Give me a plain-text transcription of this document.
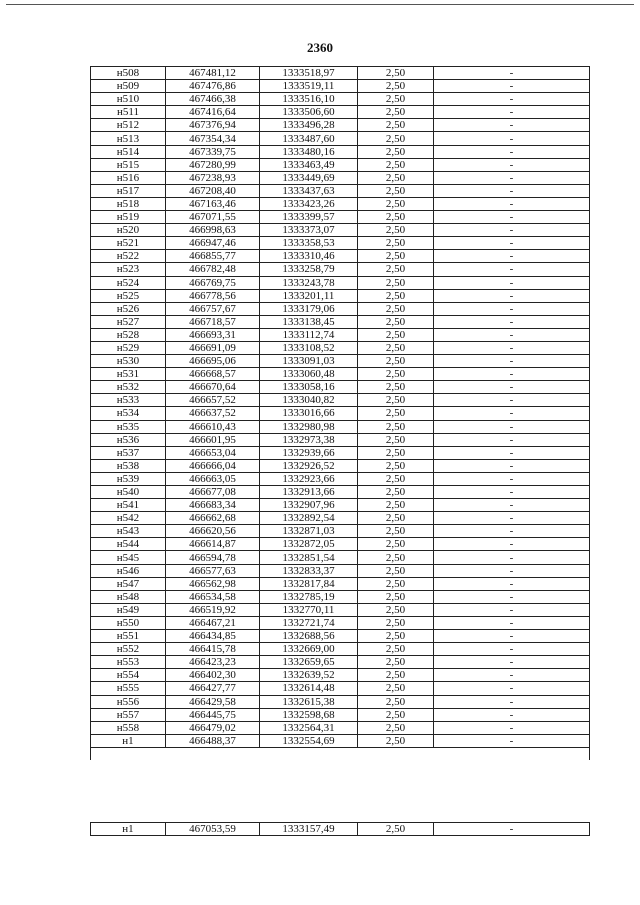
2360
н508	467481,12	1333518,97	2,50	-
н509	467476,86	1333519,11	2,50	-
н510	467466,38	1333516,10	2,50	-
н511	467416,64	1333506,60	2,50	-
н512	467376,94	1333496,28	2,50	-
н513	467354,34	1333487,60	2,50	-
н514	467339,75	1333480,16	2,50	-
н515	467280,99	1333463,49	2,50	-
н516	467238,93	1333449,69	2,50	-
н517	467208,40	1333437,63	2,50	-
н518	467163,46	1333423,26	2,50	-
н519	467071,55	1333399,57	2,50	-
н520	466998,63	1333373,07	2,50	-
н521	466947,46	1333358,53	2,50	-
н522	466855,77	1333310,46	2,50	-
н523	466782,48	1333258,79	2,50	-
н524	466769,75	1333243,78	2,50	-
н525	466778,56	1333201,11	2,50	-
н526	466757,67	1333179,06	2,50	-
н527	466718,57	1333138,45	2,50	-
н528	466693,31	1333112,74	2,50	-
н529	466691,09	1333108,52	2,50	-
н530	466695,06	1333091,03	2,50	-
н531	466668,57	1333060,48	2,50	-
н532	466670,64	1333058,16	2,50	-
н533	466657,52	1333040,82	2,50	-
н534	466637,52	1333016,66	2,50	-
н535	466610,43	1332980,98	2,50	-
н536	466601,95	1332973,38	2,50	-
н537	466653,04	1332939,66	2,50	-
н538	466666,04	1332926,52	2,50	-
н539	466663,05	1332923,66	2,50	-
н540	466677,08	1332913,66	2,50	-
н541	466683,34	1332907,96	2,50	-
н542	466662,68	1332892,54	2,50	-
н543	466620,56	1332871,03	2,50	-
н544	466614,87	1332872,05	2,50	-
н545	466594,78	1332851,54	2,50	-
н546	466577,63	1332833,37	2,50	-
н547	466562,98	1332817,84	2,50	-
н548	466534,58	1332785,19	2,50	-
н549	466519,92	1332770,11	2,50	-
н550	466467,21	1332721,74	2,50	-
н551	466434,85	1332688,56	2,50	-
н552	466415,78	1332669,00	2,50	-
н553	466423,23	1332659,65	2,50	-
н554	466402,30	1332639,52	2,50	-
н555	466427,77	1332614,48	2,50	-
н556	466429,58	1332615,38	2,50	-
н557	466445,75	1332598,68	2,50	-
н558	466479,02	1332564,31	2,50	-
н1	466488,37	1332554,69	2,50	-

н1	467053,59	1333157,49	2,50	-
